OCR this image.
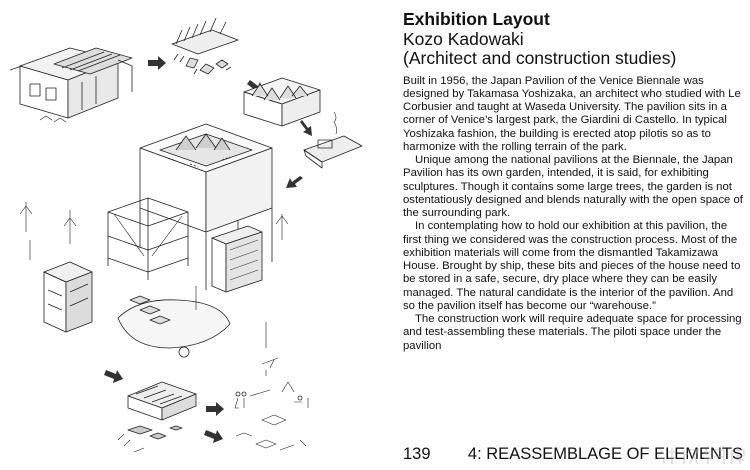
Exhibition Layout
Kozo Kadowaki
(Architect and construction studies)

Built in 1956, the Japan Pavilion of the Venice Biennale was designed by Takamasa Yoshizaka, an architect who studied with Le Corbusier and taught at Waseda University. The pavilion sits in a corner of Venice’s largest park, the Giardini di Castello. In typical Yoshizaka fashion, the building is erected atop pilotis so as to harmonize with the rolling terrain of the park.

Unique among the national pavilions at the Biennale, the Japan Pavilion has its own garden, intended, it is said, for exhibiting sculptures. Though it contains some large trees, the garden is not ostentatiously designed and blends naturally with the open space of the surrounding park.

In contemplating how to hold our exhibition at this pavilion, the first thing we considered was the construction process. Most of the exhibition materials will come from the dismantled Takamizawa House. Brought by ship, these bits and pieces of the house need to be stored in a safe, secure, dry place where they can be easily managed. The natural candidate is the interior of the pavilion. And so the pavilion itself has become our “warehouse.”

The construction work will require adequate space for processing and test-assembling these materials. The piloti space under the pavilion

139 4: REASSEMBLAGE OF ELEMENTS
